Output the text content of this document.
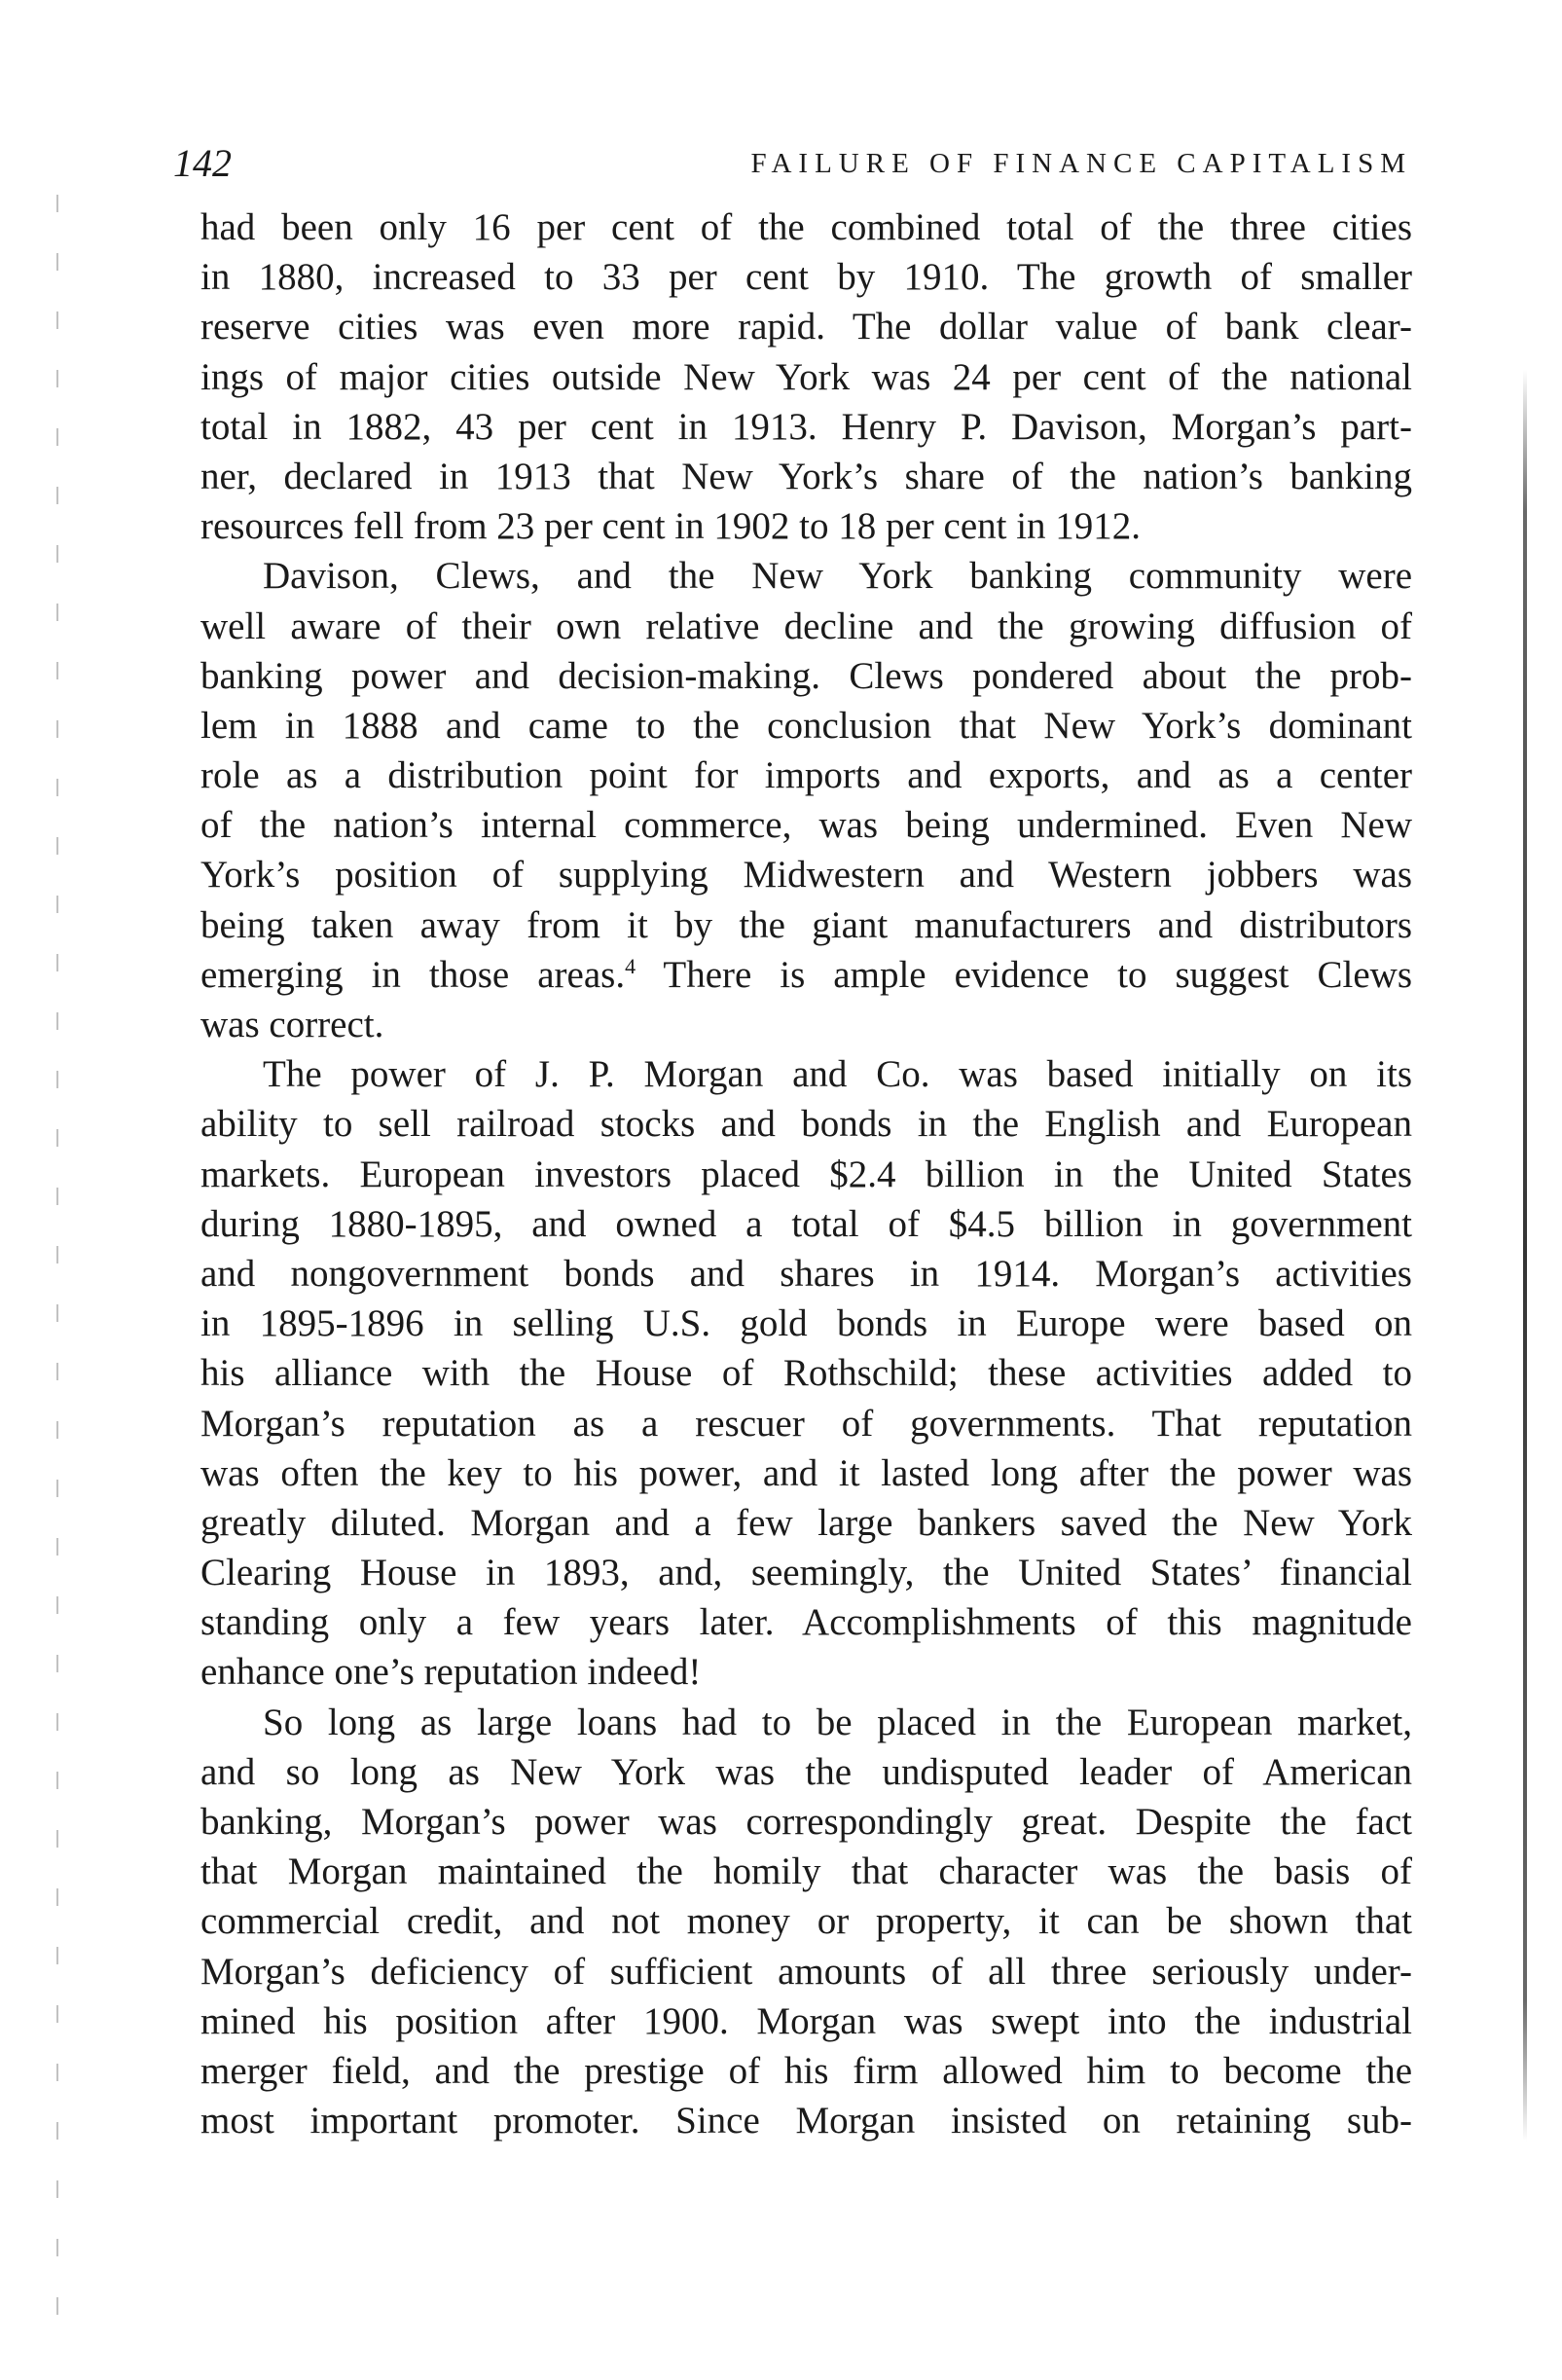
142	FAILURE OF FINANCE CAPITALISM
had been only 16 per cent of the combined total of the three cities
in 1880, increased to 33 per cent by 1910. The growth of smaller
reserve cities was even more rapid. The dollar value of bank clear-
ings of major cities outside New York was 24 per cent of the national
total in 1882, 43 per cent in 1913. Henry P. Davison, Morgan’s part-
ner, declared in 1913 that New York’s share of the nation’s banking
resources fell from 23 per cent in 1902 to 18 per cent in 1912.
Davison, Clews, and the New York banking community were
well aware of their own relative decline and the growing diffusion of
banking power and decision-making. Clews pondered about the prob-
lem in 1888 and came to the conclusion that New York’s dominant
role as a distribution point for imports and exports, and as a center
of the nation’s internal commerce, was being undermined. Even New
York’s position of supplying Midwestern and Western jobbers was
being taken away from it by the giant manufacturers and distributors
emerging in those areas.$^4$ There is ample evidence to suggest Clews
was correct.
The power of J. P. Morgan and Co. was based initially on its
ability to sell railroad stocks and bonds in the English and European
markets. European investors placed $2.4 billion in the United States
during 1880-1895, and owned a total of $4.5 billion in government
and nongovernment bonds and shares in 1914. Morgan’s activities
in 1895-1896 in selling U.S. gold bonds in Europe were based on
his alliance with the House of Rothschild; these activities added to
Morgan’s reputation as a rescuer of governments. That reputation
was often the key to his power, and it lasted long after the power was
greatly diluted. Morgan and a few large bankers saved the New York
Clearing House in 1893, and, seemingly, the United States’ financial
standing only a few years later. Accomplishments of this magnitude
enhance one’s reputation indeed!
So long as large loans had to be placed in the European market,
and so long as New York was the undisputed leader of American
banking, Morgan’s power was correspondingly great. Despite the fact
that Morgan maintained the homily that character was the basis of
commercial credit, and not money or property, it can be shown that
Morgan’s deficiency of sufficient amounts of all three seriously under-
mined his position after 1900. Morgan was swept into the industrial
merger field, and the prestige of his firm allowed him to become the
most important promoter. Since Morgan insisted on retaining sub-
